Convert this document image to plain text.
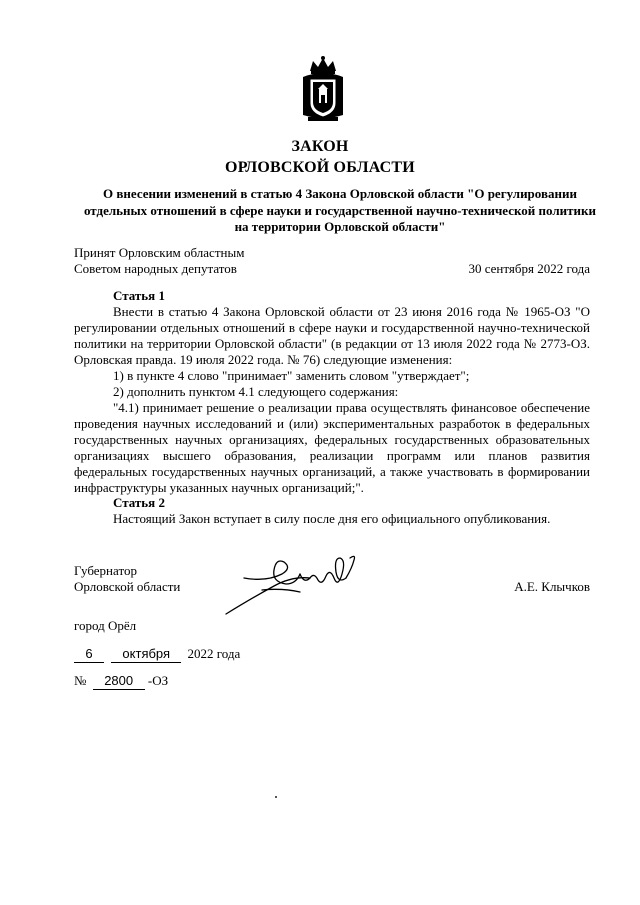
ЗАКОН
ОРЛОВСКОЙ ОБЛАСТИ
О внесении изменений в статью 4 Закона Орловской области "О регулировании
отдельных отношений в сфере науки и государственной научно-технической политики
на территории Орловской области"
Принят Орловским областным
Советом народных депутатов	30 сентября 2022 года
Статья 1
Внести в статью 4 Закона Орловской области от 23 июня 2016 года № 1965-ОЗ "О регулировании отдельных отношений в сфере науки и государственной научно-технической политики на территории Орловской области" (в редакции от 13 июля 2022 года № 2773-ОЗ. Орловская правда. 19 июля 2022 года. № 76) следующие изменения:
1) в пункте 4 слово "принимает" заменить словом "утверждает";
2) дополнить пунктом 4.1 следующего содержания:
"4.1) принимает решение о реализации права осуществлять финансовое обеспечение проведения научных исследований и (или) экспериментальных разработок в федеральных государственных научных организациях, федеральных государственных образовательных организациях высшего образования, реализации программ или планов развития федеральных государственных научных организаций, а также участвовать в формировании инфраструктуры указанных научных организаций;".
Статья 2
Настоящий Закон вступает в силу после дня его официального опубликования.
Губернатор
Орловской области	А.Е. Клычков
город Орёл
6 октября 2022 года
№ 2800 -ОЗ
